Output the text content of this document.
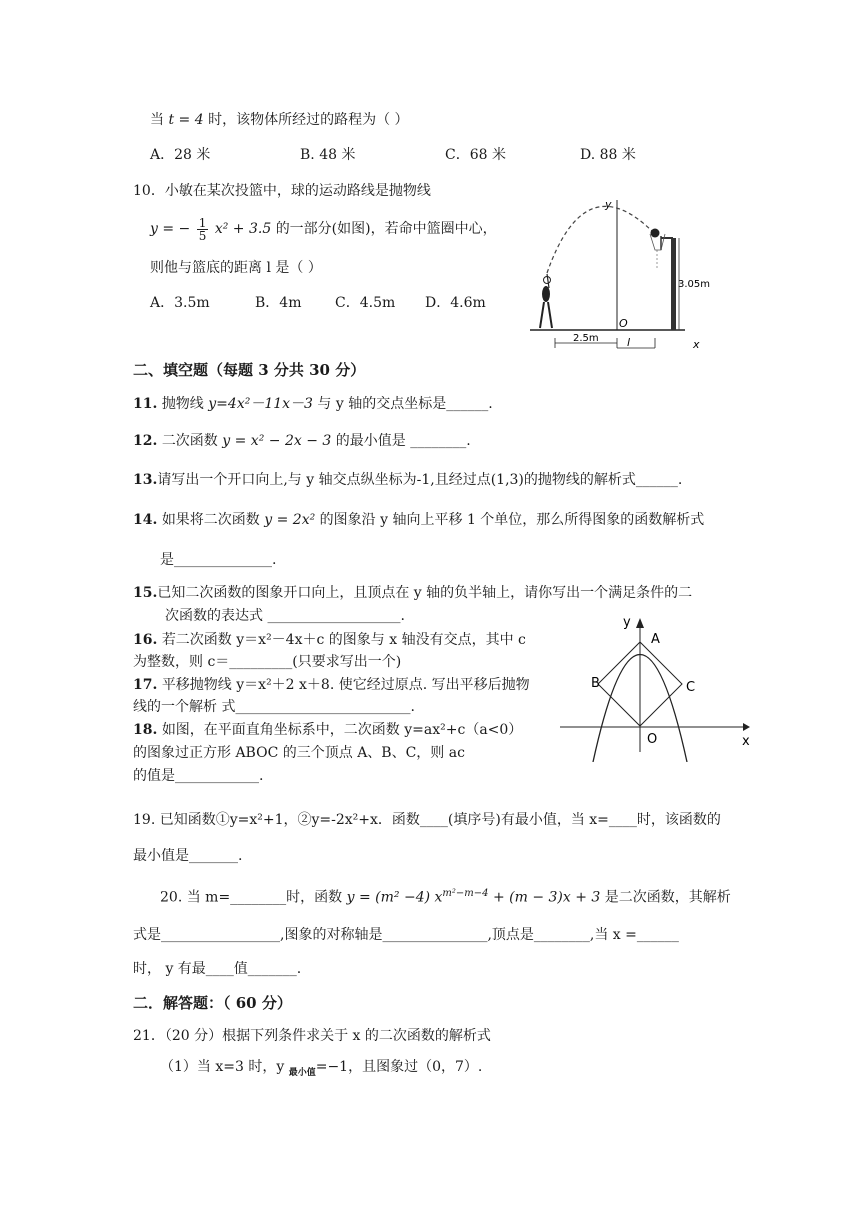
当 t = 4 时，该物体所经过的路程为（ ）
A．28 米	B. 48 米	C．68 米	D. 88 米
10．小敏在某次投篮中，球的运动路线是抛物线
y = − $\frac{1}{5} x^2 + 3.5$ 的一部分(如图)，若命中篮圈中心，
则他与篮底的距离 l 是（ ）
A．3.5m	B．4m C．4.5m D．4.6m
y
O
3.05m
2.5m	l	x
二、填空题（每题 3 分共 30 分）
11. 抛物线 y=4x²－11x－3 与 y 轴的交点坐标是______.
12. 二次函数 y = x² − 2x − 3 的最小值是 ________.
13.请写出一个开口向上,与 y 轴交点纵坐标为-1,且经过点(1,3)的抛物线的解析式______.
14. 如果将二次函数 y = 2x² 的图象沿 y 轴向上平移 1 个单位，那么所得图象的函数解析式
是______________.
15.已知二次函数的图象开口向上，且顶点在 y 轴的负半轴上，请你写出一个满足条件的二
次函数的表达式 ___________________.
16. 若二次函数 y＝x²－4x＋c 的图象与 x 轴没有交点，其中 c
为整数，则 c＝_________(只要求写出一个)
17. 平移抛物线 y＝x²＋2 x＋8. 使它经过原点. 写出平移后抛物
线的一个解析 式_________________________.
18. 如图，在平面直角坐标系中，二次函数 y=ax²+c（a<0）
的图象过正方形 ABOC 的三个顶点 A、B、C，则 ac
的值是____________.
x
y
A
B	C
O
19. 已知函数①y=x²+1，②y=-2x²+x．函数____(填序号)有最小值，当 x=____时，该函数的
最小值是_______.
20. 当 m=________时，函数 y = (m² −4) $x^{m^2-m-4} + (m - 3)x + 3$ 是二次函数，其解析
式是_________________,图象的对称轴是_______________,顶点是________,当 x =______
时， y 有最____值_______.
二．解答题：（ 60 分）
21．（20 分）根据下列条件求关于 x 的二次函数的解析式
（1）当 x=3 时，y $_{最小值}$=−1，且图象过（0，7）.
